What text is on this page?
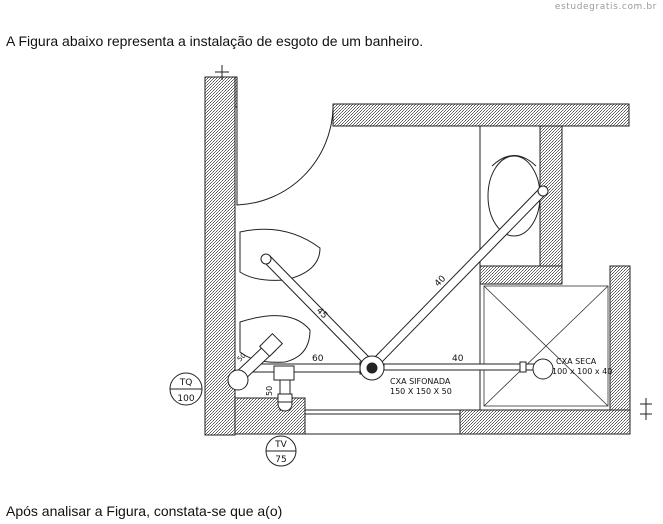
estudegratis.com.br
A Figura abaixo representa a instalação de esgoto de um banheiro.
45
40
60	40
50
50
CXA SIFONADA
150 X 150 X 50
CXA SECA
100 x 100 x 40
TQ
100
TV
75
Após analisar a Figura, constata-se que a(o)
